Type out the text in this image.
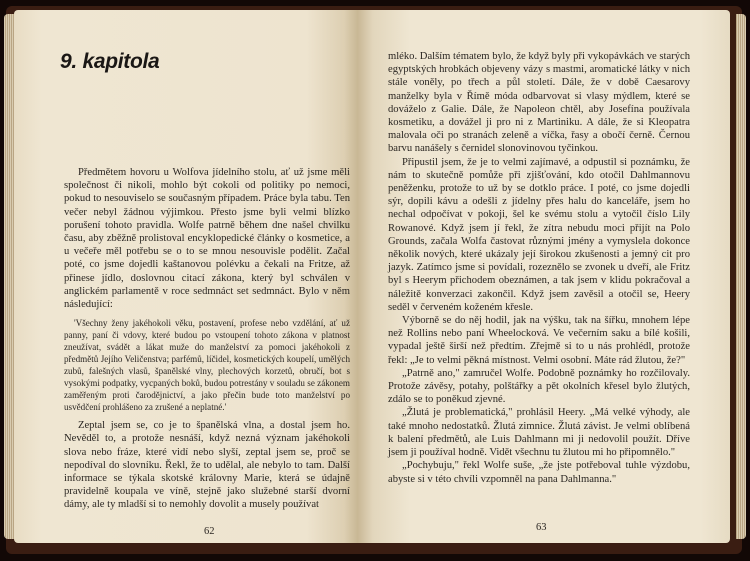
9. kapitola

Předmětem hovoru u Wolfova jídelního stolu, ať už jsme měli společnost či nikoli, mohlo být cokoli od politiky po nemoci, pokud to nesouviselo se současným případem. Práce byla tabu. Ten večer nebyl žádnou výjimkou. Přesto jsme byli velmi blízko porušení tohoto pravidla. Wolfe patrně během dne našel chvilku času, aby zběžně prolistoval encyklopedické články o kosmetice, a u večeře měl potřebu se o to se mnou nesouvisle podělit. Začal poté, co jsme dojedli kaštanovou polévku a čekali na Fritze, až přinese jídlo, doslovnou citací zákona, který byl schválen v anglickém parlamentě v roce sedmnáct set sedmnáct. Bylo v něm následující:

'Všechny ženy jakéhokoli věku, postavení, profese nebo vzdělání, ať už panny, paní či vdovy, které budou po vstoupení tohoto zákona v platnost zneužívat, svádět a lákat muže do manželství za pomoci jakéhokoli z předmětů Jejího Veličenstva; parfémů, líčidel, kosmetických koupelí, umělých zubů, falešných vlasů, španělské vlny, plechových korzetů, obručí, bot s vysokými podpatky, vycpaných boků, budou potrestány v souladu se zákonem zaměřeným proti čarodějnictví, a jako přečin bude toto manželství po usvědčení prohlášeno za zrušené a neplatné.'

Zeptal jsem se, co je to španělská vlna, a dostal jsem ho. Nevěděl to, a protože nesnáší, když nezná význam jakéhokoli slova nebo fráze, které vidí nebo slyší, zeptal jsem se, proč se nepodíval do slovníku. Řekl, že to udělal, ale nebylo to tam. Další informace se týkala skotské královny Marie, která se údajně pravidelně koupala ve víně, stejně jako služebné starší dvorní dámy, ale ty mladší si to nemohly dovolit a musely používat

62

mléko. Dalším tématem bylo, že když byly při vykopávkách ve starých egyptských hrobkách objeveny vázy s mastmi, aromatické látky v nich stále voněly, po třech a půl století. Dále, že v době Caesarovy manželky byla v Římě móda odbarvovat si vlasy mýdlem, které se dováželo z Galie. Dále, že Napoleon chtěl, aby Josefína používala kosmetiku, a dovážel ji pro ni z Martiniku. A dále, že si Kleopatra malovala oči po stranách zeleně a víčka, řasy a obočí černě. Černou barvu nanášely s černidel slonovinovou tyčinkou.

Připustil jsem, že je to velmi zajímavé, a odpustil si poznámku, že nám to skutečně pomůže při zjišťování, kdo otočil Dahlmannovu peněženku, protože to už by se dotklo práce. I poté, co jsme dojedli sýr, dopili kávu a odešli z jídelny přes halu do kanceláře, jsem ho nechal odpočívat v pokoji, šel ke svému stolu a vytočil číslo Lily Rowanové. Když jsem jí řekl, že zítra nebudu moci přijít na Polo Grounds, začala Wolfa častovat různými jmény a vymyslela dokonce několik nových, které ukázaly její širokou zkušenosti a jemný cit pro jazyk. Zatímco jsme si povídali, rozeznělo se zvonek u dveří, ale Fritz byl s Heerym přichodem obeznámen, a tak jsem v klidu pokračoval a náležitě konverzaci zakončil. Když jsem zavěsil a otočil se, Heery seděl v červeném koženém křesle.

Výborně se do něj hodil, jak na výšku, tak na šířku, mnohem lépe než Rollins nebo paní Wheelocková. Ve večerním saku a bílé košili, vypadal ještě širší než předtím. Zřejmě si to u nás prohlédl, protože řekl: „Je to velmi pěkná místnost. Velmi osobní. Máte rád žlutou, že?"

„Patrně ano," zamručel Wolfe. Podobně poznámky ho rozčilovaly. Protože závěsy, potahy, polštářky a pět okolních křesel bylo žlutých, zdálo se to poněkud zjevné.

„Žlutá je problematická," prohlásil Heery. „Má velké výhody, ale také mnoho nedostatků. Žlutá zimnice. Žlutá závist. Je velmi oblíbená k balení předmětů, ale Luis Dahlmann mi ji nedovolil použít. Dříve jsem ji používal hodně. Vidět všechnu tu žlutou mi ho připomnělo."

„Pochybuju," řekl Wolfe suše, „že jste potřeboval tuhle výzdobu, abyste si v této chvíli vzpomněl na pana Dahlmanna."

63
